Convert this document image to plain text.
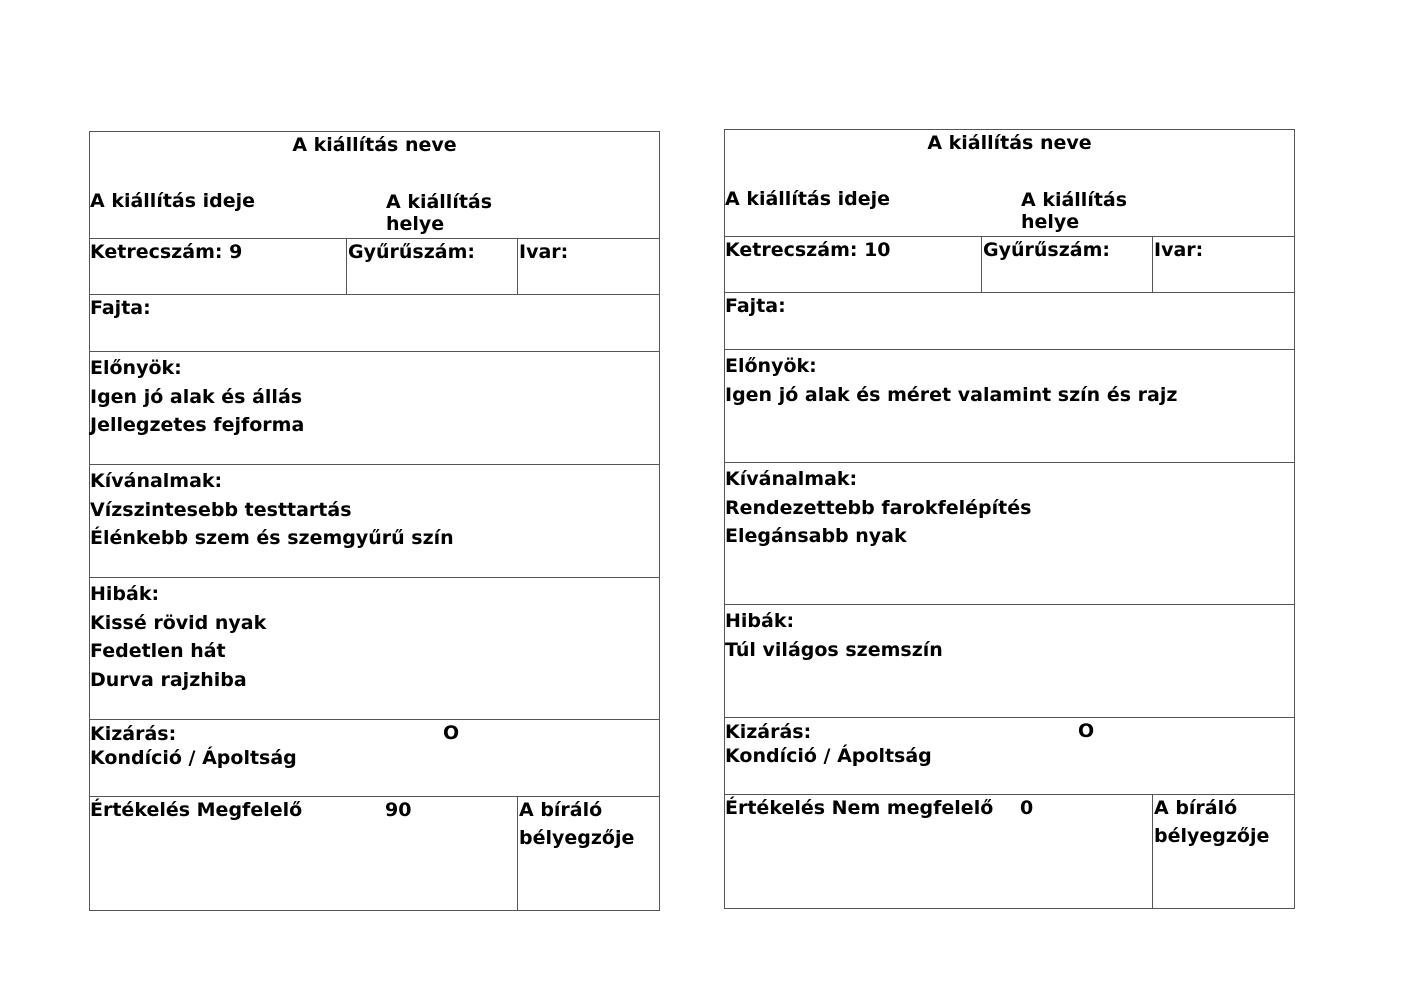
A kiállítás neve
A kiállítás ideje	A kiállítás helye
Ketrecszám: 9	Gyűrűszám: Ivar:
Fajta:
Előnyök:
Igen jó alak és állás
Jellegzetes fejforma
Kívánalmak:
Vízszintesebb testtartás
Élénkebb szem és szemgyűrű szín
Hibák:
Kissé rövid nyak
Fedetlen hát
Durva rajzhiba
Kizárás:	O
Kondíció / Ápoltság
Értékelés Megfelelő	90	A bíráló
bélyegzője
A kiállítás neve
A kiállítás ideje	A kiállítás helye
Ketrecszám: 10	Gyűrűszám: Ivar:
Fajta:
Előnyök:
Igen jó alak és méret valamint szín és rajz
Kívánalmak:
Rendezettebb farokfelépítés
Elegánsabb nyak
Hibák:
Túl világos szemszín
Kizárás:	O
Kondíció / Ápoltság
Értékelés Nem megfelelő 0	A bíráló
bélyegzője
